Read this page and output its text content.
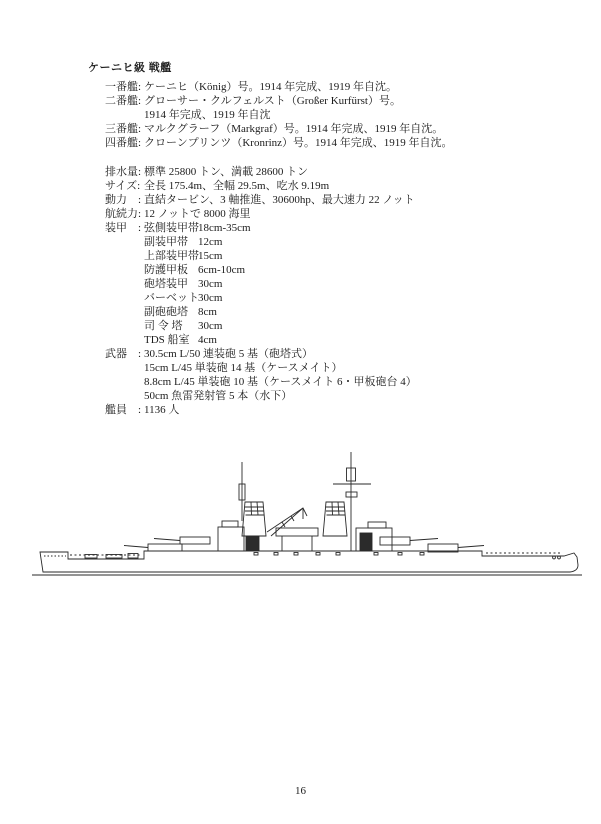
ケーニヒ級 戦艦
一番艦: ケーニヒ（König）号。1914 年完成、1919 年自沈。
二番艦: グローサー・クルフェルスト（Großer Kurfürst）号。
1914 年完成、1919 年自沈
三番艦: マルクグラーフ（Markgraf）号。1914 年完成、1919 年自沈。
四番艦: クローンプリンツ（Kronrinz）号。1914 年完成、1919 年自沈。
排水量: 標準 25800 トン、満載 28600 トン
サイズ: 全長 175.4m、全幅 29.5m、吃水 9.19m
動力　: 直結タービン、3 軸推進、30600hp、最大速力 22 ノット
航続力: 12 ノットで 8000 海里
装甲　: 弦側装甲帯 18cm-35cm
副装甲帯 12cm
上部装甲帯 15cm
防護甲板 6cm-10cm
砲塔装甲 30cm
バーベット 30cm
副砲砲塔 8cm
司 令 塔	30cm
TDS 船室 4cm
武器　: 30.5cm L/50 連装砲 5 基（砲塔式）
15cm L/45 単装砲 14 基（ケースメイト）
8.8cm L/45 単装砲 10 基（ケースメイト 6・甲板砲台 4）
50cm 魚雷発射管 5 本（水下）
艦員　: 1136 人
16
